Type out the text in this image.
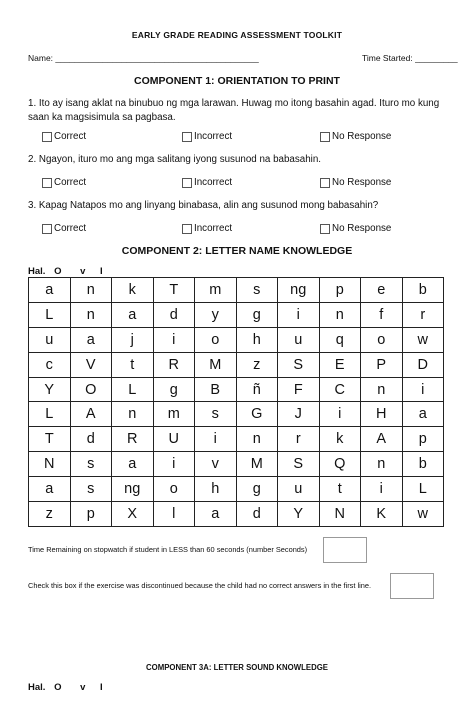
EARLY GRADE READING ASSESSMENT TOOLKIT
Name: ___________________________________________	Time Started: _________
COMPONENT 1: ORIENTATION TO PRINT
1. Ito ay isang aklat na binubuo ng mga larawan. Huwag mo itong basahin agad. Ituro mo kung saan ka magsisimula sa pagbasa.
Correct	Incorrect	No Response
2. Ngayon, ituro mo ang mga salitang iyong susunod na babasahin.
Correct	Incorrect	No Response
3. Kapag Natapos mo ang linyang binabasa, alin ang susunod mong babasahin?
Correct	Incorrect	No Response
COMPONENT 2: LETTER NAME KNOWLEDGE
Hal. O v I
a	n	k	T	m	s	ng	p	e	b
L	n	a	d	y	g	i	n	f	r
u	a	j	i	o	h	u	q	o	w
c	V	t	R	M	z	S	E	P	D
Y	O	L	g	B	ñ	F	C	n	i
L	A	n	m	s	G	J	i	H	a
T	d	R	U	i	n	r	k	A	p
N	s	a	i	v	M	S	Q	n	b
a	s	ng	o	h	g	u	t	i	L
z	p	X	l	a	d	Y	N	K	w
Time Remaining on stopwatch if student in LESS than 60 seconds (number Seconds)
Check this box if the exercise was discontinued because the child had no correct answers in the first line.
COMPONENT 3A: LETTER SOUND KNOWLEDGE
Hal. O v I
